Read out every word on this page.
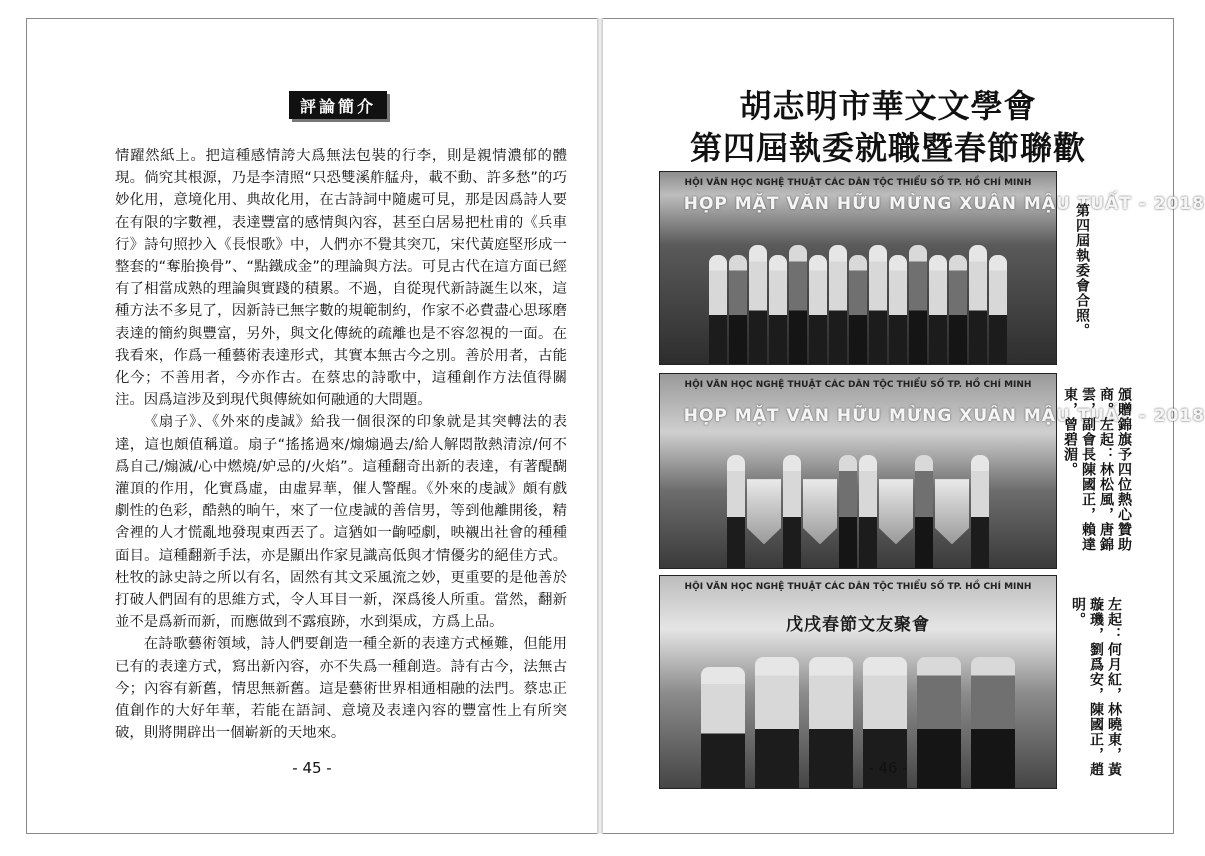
評論簡介

情躍然紙上。把這種感情誇大爲無法包裝的行李，則是親情濃郁的體現。倘究其根源，乃是李清照“只恐雙溪舴艋舟，載不動、許多愁”的巧妙化用，意境化用、典故化用，在古詩詞中隨處可見，那是因爲詩人要在有限的字數裡，表達豐富的感情與內容，甚至白居易把杜甫的《兵車行》詩句照抄入《長恨歌》中，人們亦不覺其突兀，宋代黃庭堅形成一整套的“奪胎換骨”、“點鐵成金”的理論與方法。可見古代在這方面已經有了相當成熟的理論與實踐的積累。不過，自從現代新詩誕生以來，這種方法不多見了，因新詩已無字數的規範制約，作家不必費盡心思琢磨表達的簡約與豐富，另外，與文化傳統的疏離也是不容忽視的一面。在我看來，作爲一種藝術表達形式，其實本無古今之別。善於用者，古能化今；不善用者，今亦作古。在蔡忠的詩歌中，這種創作方法值得關注。因爲這涉及到現代與傳統如何融通的大問題。

《扇子》、《外來的虔誠》給我一個很深的印象就是其突轉法的表達，這也頗值稱道。扇子“搖搖過來/煽煽過去/給人解悶散熱清涼/何不爲自己/煽滅/心中燃燒/妒忌的/火焰”。這種翻奇出新的表達，有著醍醐灌頂的作用，化實爲虛，由虛昇華，催人警醒。《外來的虔誠》頗有戲劇性的色彩，酷熱的晌午，來了一位虔誠的善信男，等到他離開後，精舍裡的人才慌亂地發現東西丟了。這猶如一齣啞劇，映襯出社會的種種面目。這種翻新手法，亦是顯出作家見識高低與才情優劣的絕佳方式。杜牧的詠史詩之所以有名，固然有其文采風流之妙，更重要的是他善於打破人們固有的思維方式，令人耳目一新，深爲後人所重。當然，翻新並不是爲新而新，而應做到不露痕跡，水到渠成，方爲上品。

在詩歌藝術領域，詩人們要創造一種全新的表達方式極難，但能用已有的表達方式，寫出新內容，亦不失爲一種創造。詩有古今，法無古今；內容有新舊，情思無新舊。這是藝術世界相通相融的法門。蔡忠正值創作的大好年華，若能在語詞、意境及表達內容的豐富性上有所突破，則將開辟出一個嶄新的天地來。

- 45 -
胡志明市華文文學會
第四屆執委就職暨春節聯歡
HỘI VĂN HỌC NGHỆ THUẬT CÁC DÂN TỘC THIỂU SỐ TP. HỒ CHÍ MINH
HỌP MẶT VĂN HỮU MỪNG XUÂN MẬU TUẤT - 2018
第四屆執委會合照。
HỘI VĂN HỌC NGHỆ THUẬT CÁC DÂN TỘC THIỂU SỐ TP. HỒ CHÍ MINH
HỌP MẶT VĂN HỮU MỪNG XUÂN MẬU TUẤT - 2018
頒贈錦旗予四位熱心贊助商。左起：林松風，唐錦雲，副會長陳國正，賴達東，曾碧湄。
HỘI VĂN HỌC NGHỆ THUẬT CÁC DÂN TỘC THIỂU SỐ TP. HỒ CHÍ MINH
戊戌春節文友聚會	左起：何月紅，林曉東，黃璇璣，劉爲安，陳國正，趙明。
- 46 -
